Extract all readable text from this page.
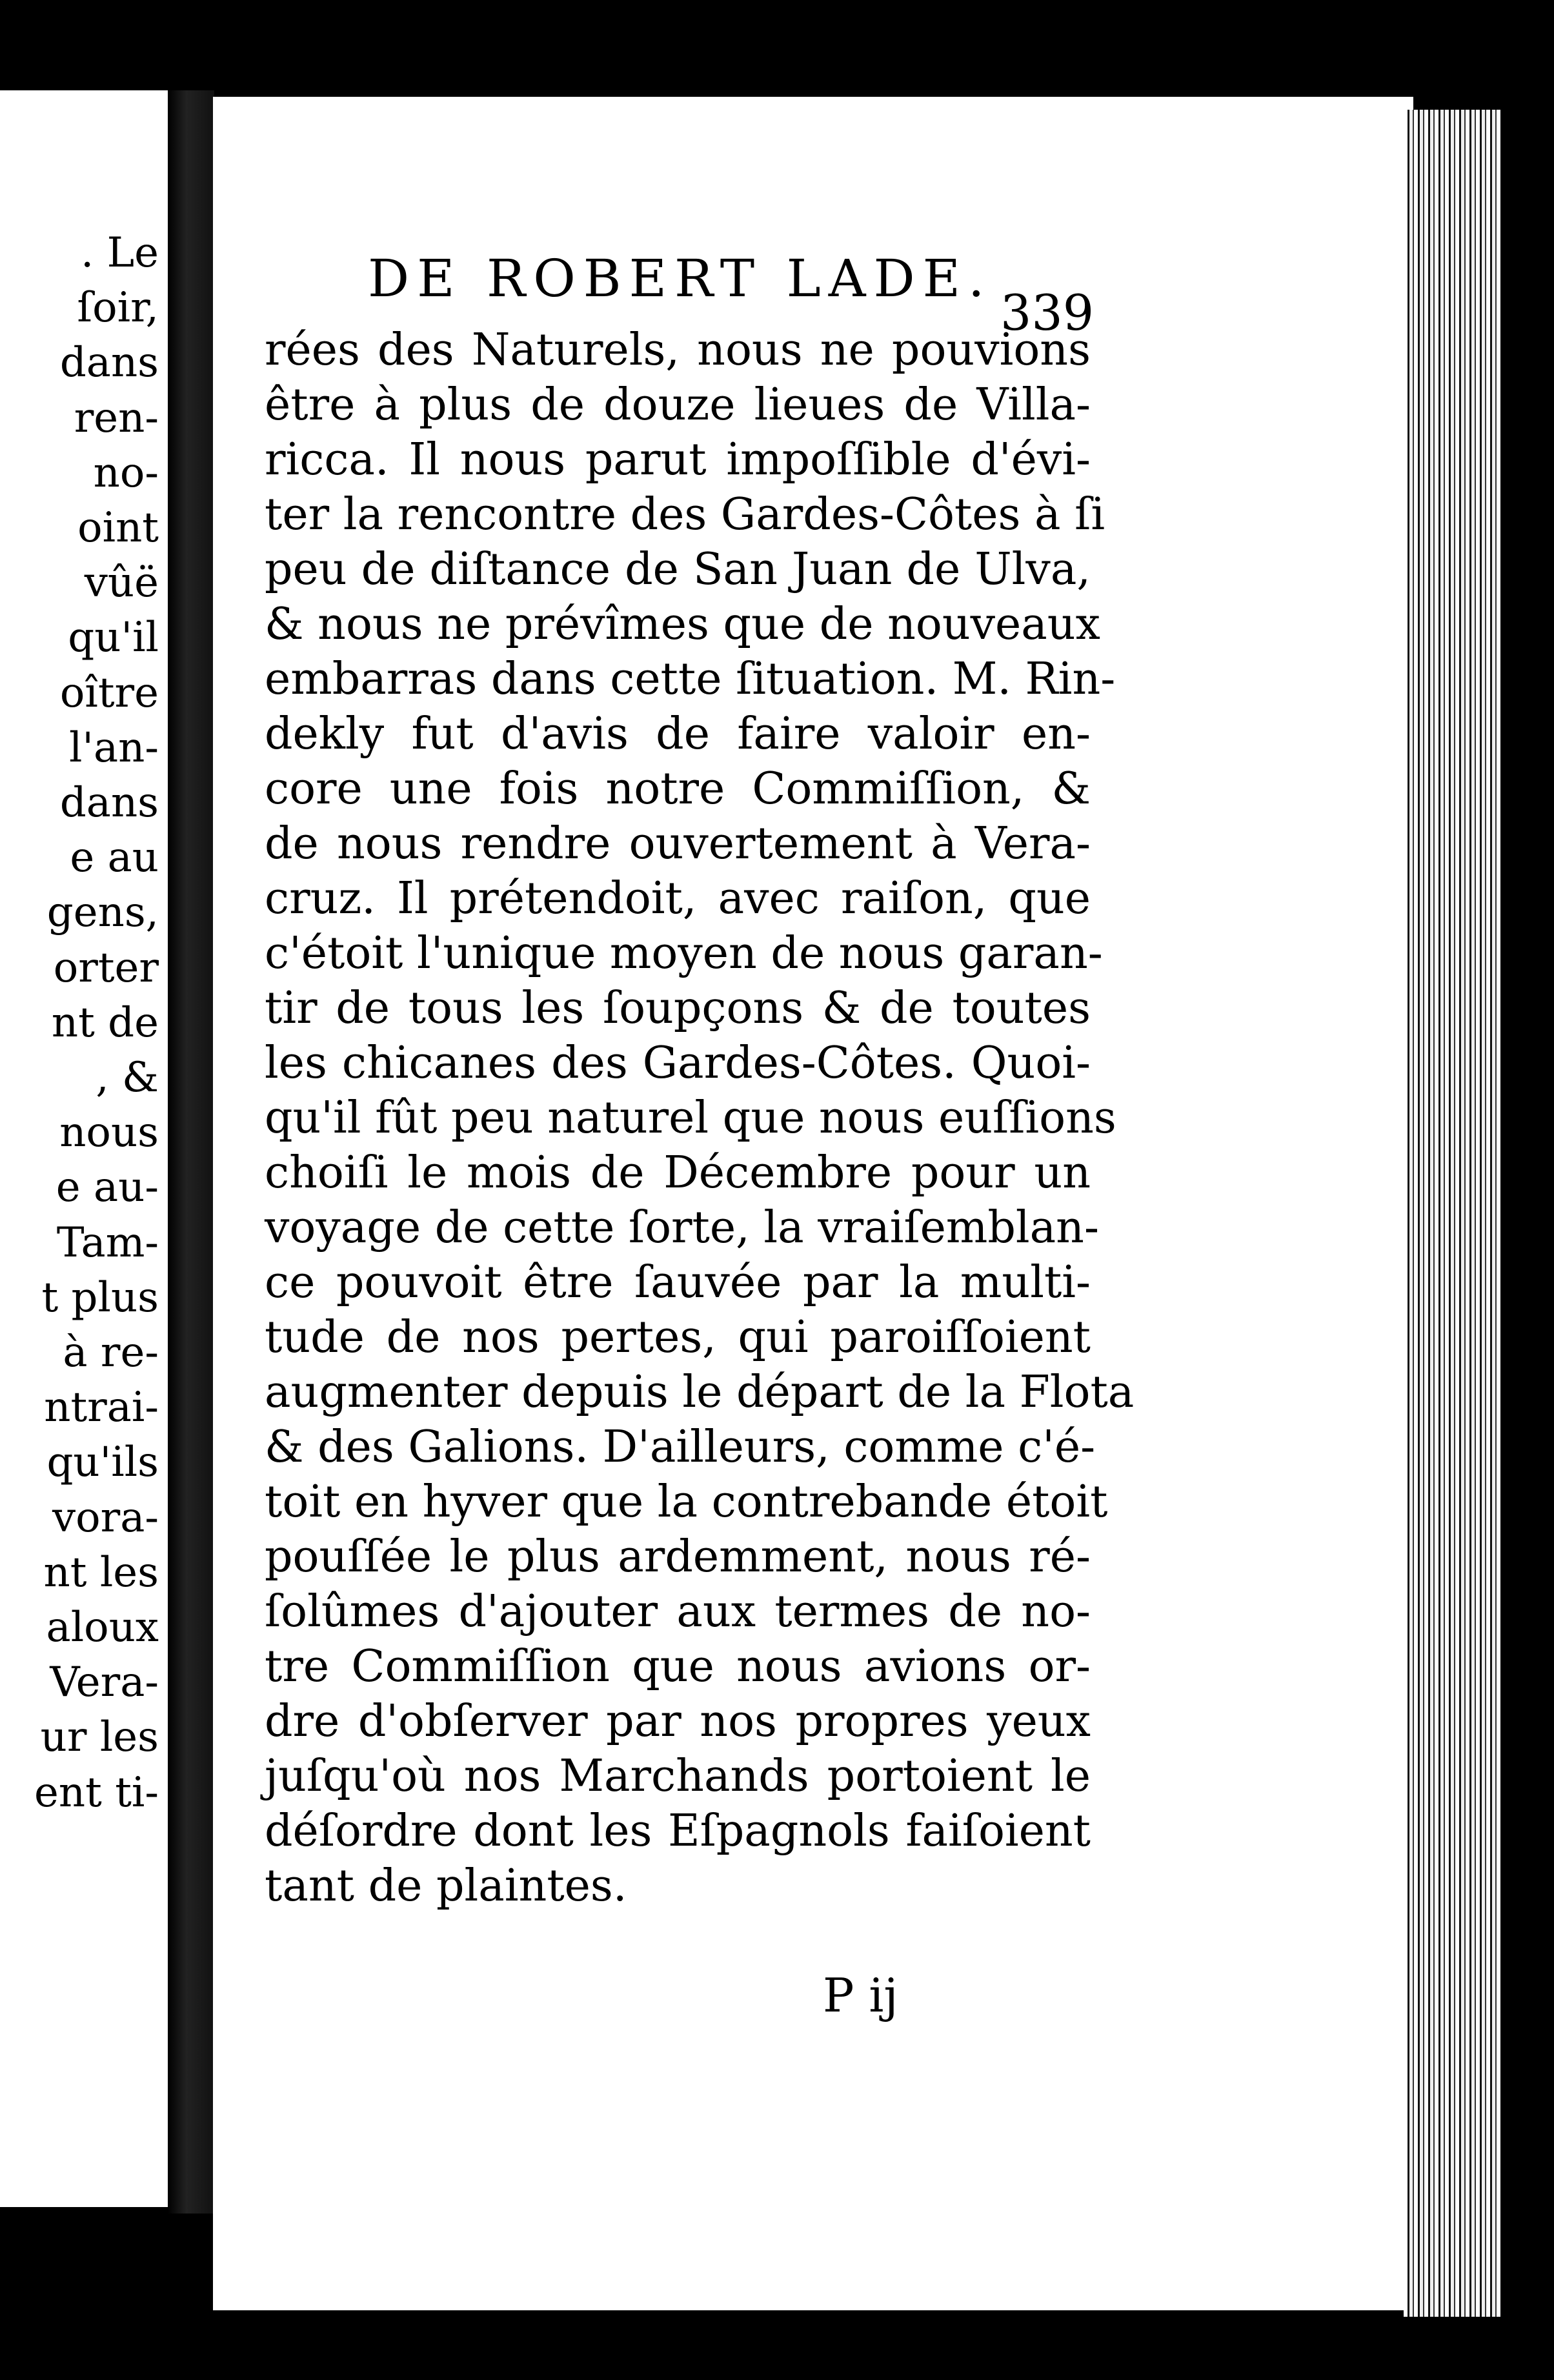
. Le
ſoir,
dans
ren-
no-
oint
vûë
qu'il
oître
l'an-
dans
e au
gens,
orter
nt de
, &
nous
e au-
Tam-
t plus
à re-
ntrai-
qu'ils
vora-
nt les
aloux
Vera-
ur les
ent ti-
DE ROBERT LADE.
339
rées des Naturels, nous ne pouvions
être à plus de douze lieues de Villa-
ricca. Il nous parut impoſſible d'évi-
ter la rencontre des Gardes-Côtes à ſi
peu de diſtance de San Juan de Ulva,
& nous ne prévîmes que de nouveaux
embarras dans cette ſituation. M. Rin-
dekly fut d'avis de faire valoir en-
core une fois notre Commiſſion, &
de nous rendre ouvertement à Vera-
cruz. Il prétendoit, avec raiſon, que
c'étoit l'unique moyen de nous garan-
tir de tous les ſoupçons & de toutes
les chicanes des Gardes-Côtes. Quoi-
qu'il fût peu naturel que nous euſſions
choiſi le mois de Décembre pour un
voyage de cette ſorte, la vraiſemblan-
ce pouvoit être ſauvée par la multi-
tude de nos pertes, qui paroiſſoient
augmenter depuis le départ de la Flota
& des Galions. D'ailleurs, comme c'é-
toit en hyver que la contrebande étoit
pouſſée le plus ardemment, nous ré-
ſolûmes d'ajouter aux termes de no-
tre Commiſſion que nous avions or-
dre d'obſerver par nos propres yeux
juſqu'où nos Marchands portoient le
déſordre dont les Eſpagnols faiſoient
tant de plaintes.
P ij
